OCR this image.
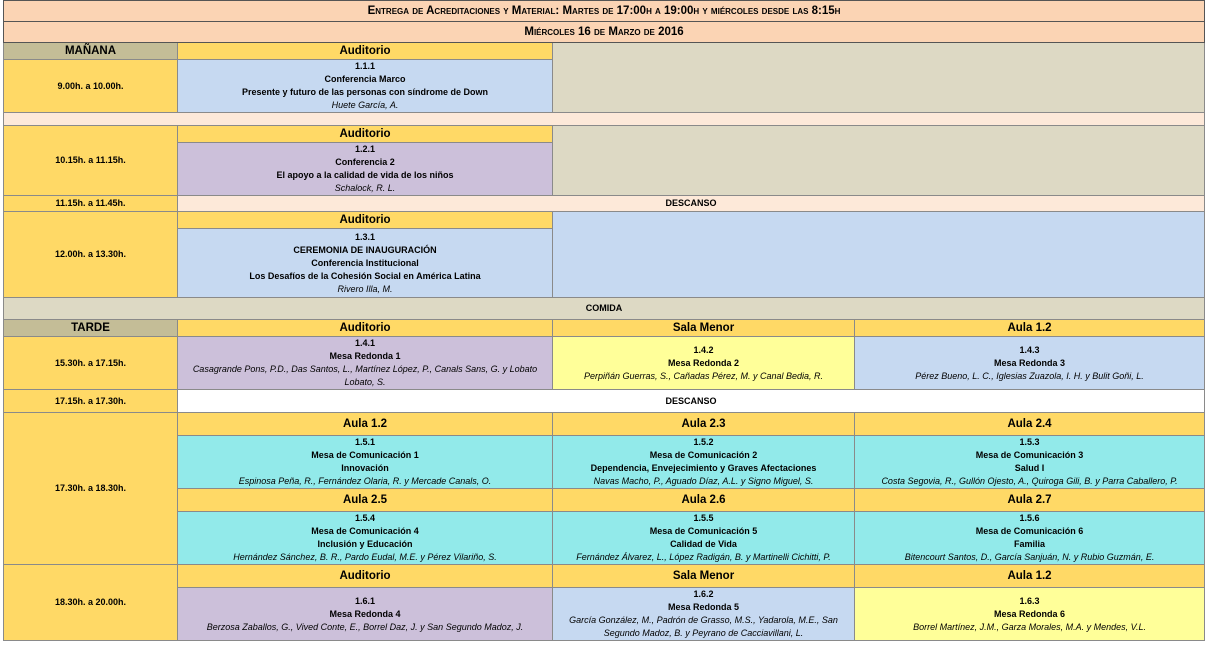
Entrega de Acreditaciones y Material: Martes de 17:00h a 19:00h y miércoles desde las 8:15h			
Miércoles 16 de Marzo de 2016			
MAÑANA	Auditorio		
9.00h. a 10.00h.	1.1.1
Conferencia Marco
Presente y futuro de las personas con síndrome de Down
Huete García, A.		

10.15h. a 11.15h.	Auditorio		

	1.2.1
Conferencia 2
El apoyo a la calidad de vida de los niños
Schalock, R. L.		

11.15h. a 11.45h.	DESCANSO		
12.00h. a 13.30h.	Auditorio		

	1.3.1
CEREMONIA DE INAUGURACIÓN
Conferencia Institucional
Los Desafíos de la Cohesión Social en América Latina
Rivero Illa, M.		

COMIDA			
TARDE	Auditorio	Sala Menor	Aula 1.2
15.30h. a 17.15h.	1.4.1
Mesa Redonda 1
Casagrande Pons, P.D., Das Santos, L., Martínez López, P., Canals Sans, G. y Lobato Lobato, S.	1.4.2
Mesa Redonda 2
Perpiñán Guerras, S., Cañadas Pérez, M. y Canal Bedia, R.	1.4.3
Mesa Redonda 3
Pérez Bueno, L. C., Iglesias Zuazola, I. H. y Bulit Goñi, L.

17.15h. a 17.30h.	DESCANSO		
17.30h. a 18.30h.	Aula 1.2	Aula 2.3	Aula 2.4

	1.5.1
Mesa de Comunicación 1
Innovación
Espinosa Peña, R., Fernández Olaria, R. y Mercade Canals, O.	1.5.2
Mesa de Comunicación 2
Dependencia, Envejecimiento y Graves Afectaciones
Navas Macho, P., Aguado Díaz, A.L. y Signo Miguel, S.	1.5.3
Mesa de Comunicación 3
Salud I
Costa Segovia, R., Gullón Ojesto, A., Quiroga Gili, B. y Parra Caballero, P.

	Aula 2.5	Aula 2.6	Aula 2.7

	1.5.4
Mesa de Comunicación 4
Inclusión y Educación
Hernández Sánchez, B. R., Pardo Eudal, M.E. y Pérez Vilariño, S.	1.5.5
Mesa de Comunicación 5
Calidad de Vida
Fernández Álvarez, L., López Radigán, B. y Martinelli Cichitti, P.	1.5.6
Mesa de Comunicación 6
Familia
Bitencourt Santos, D., García Sanjuán, N. y Rubio Guzmán, E.

18.30h. a 20.00h.	Auditorio	Sala Menor	Aula 1.2

	1.6.1
Mesa Redonda 4
Berzosa Zaballos, G., Vived Conte, E., Borrel Daz, J. y San Segundo Madoz, J.	1.6.2
Mesa Redonda 5
García González, M., Padrón de Grasso, M.S., Yadarola, M.E., San Segundo Madoz, B. y Peyrano de Cacciavillani, L.	1.6.3
Mesa Redonda 6
Borrel Martínez, J.M., Garza Morales, M.A. y Mendes, V.L.
